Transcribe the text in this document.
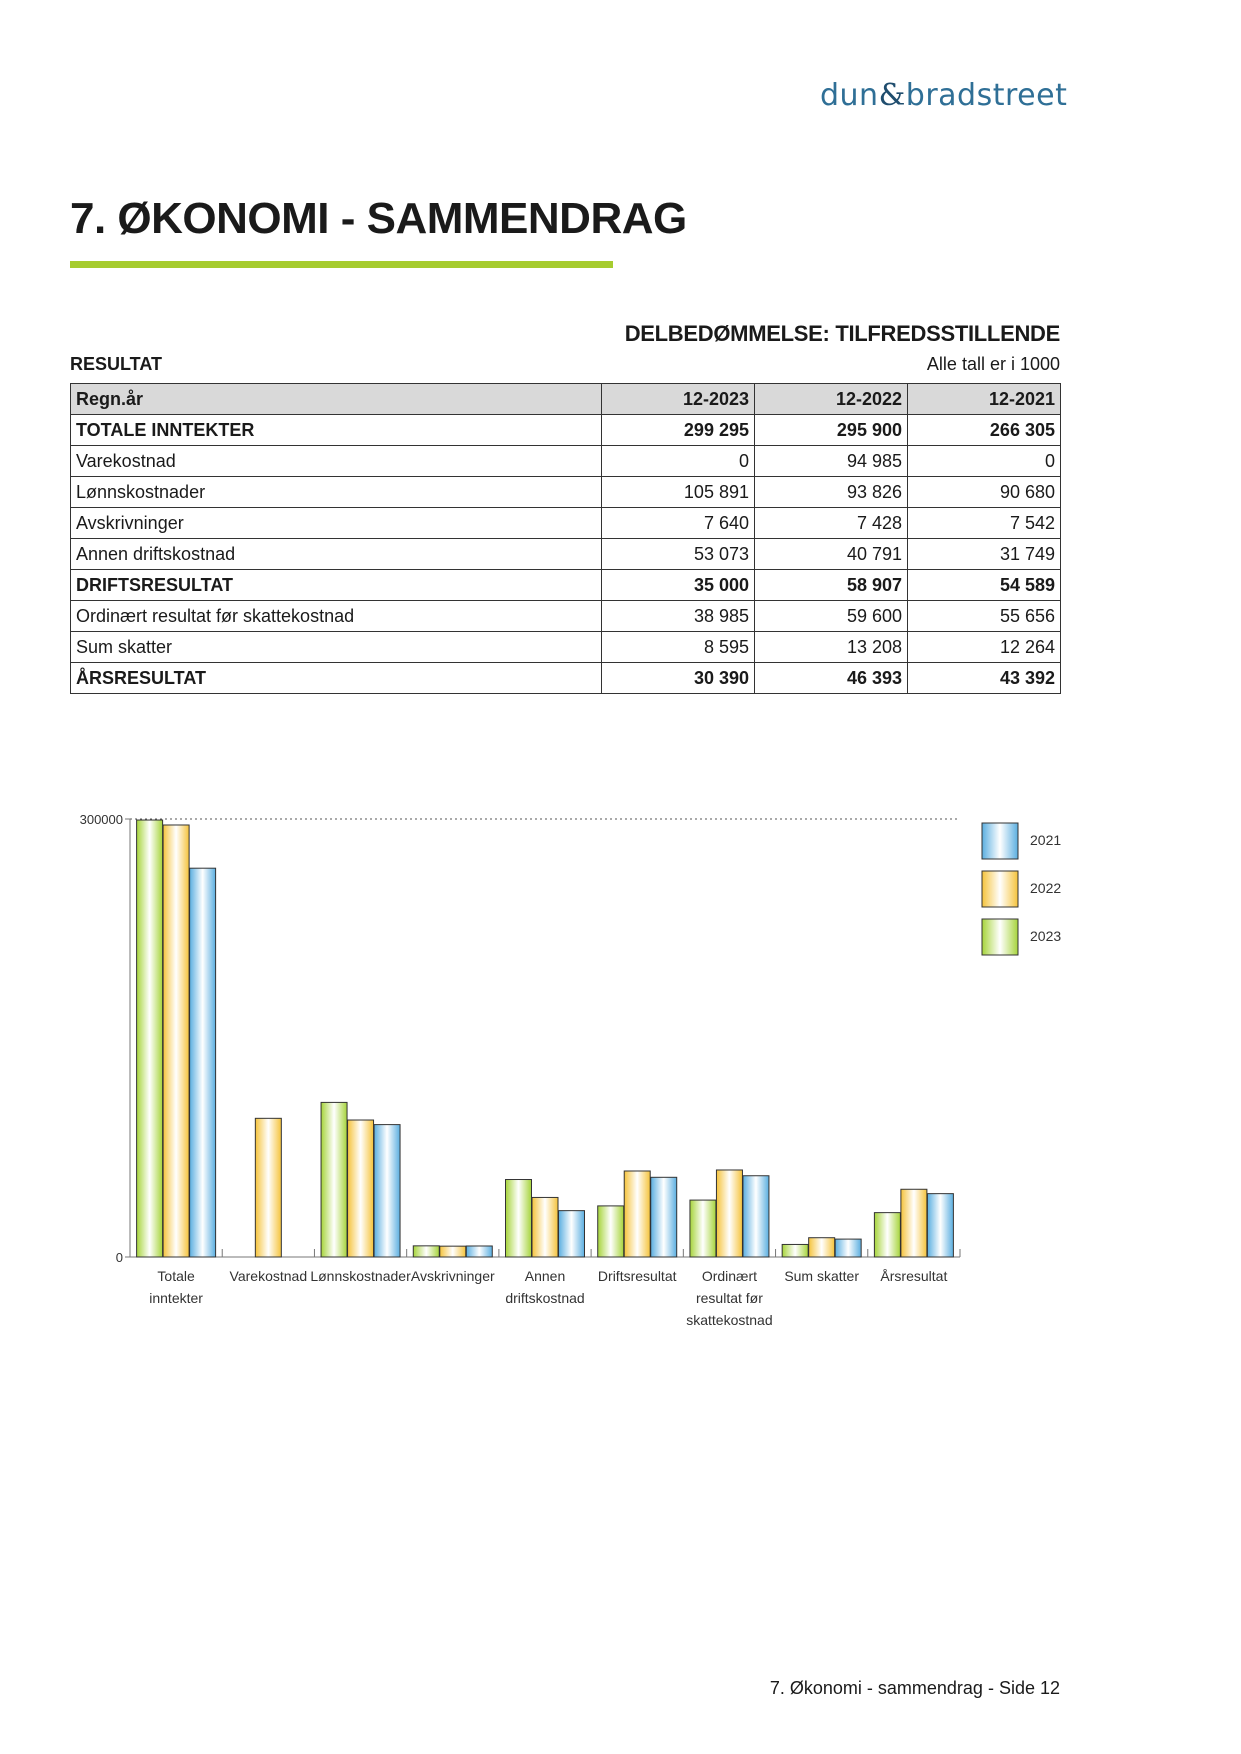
dun&bradstreet
7. ØKONOMI - SAMMENDRAG
DELBEDØMMELSE: TILFREDSSTILLENDE
RESULTAT	Alle tall er i 1000
Regn.år	12-2023	12-2022	12-2021
TOTALE INNTEKTER	299 295	295 900	266 305
Varekostnad	0	94 985	0
Lønnskostnader	105 891	93 826	90 680
Avskrivninger	7 640	7 428	7 542
Annen driftskostnad	53 073	40 791	31 749
DRIFTSRESULTAT	35 000	58 907	54 589
Ordinært resultat før skattekostnad	38 985	59 600	55 656
Sum skatter	8 595	13 208	12 264
ÅRSRESULTAT	30 390	46 393	43 392
300000
0
Totale
inntekter
Varekostnad Lønnskostnader Avskrivninger Annen
driftskostnad
Driftsresultat Ordinært
resultat før
skattekostnad
Sum skatter Årsresultat
2021
2022
2023
7. Økonomi - sammendrag - Side 12
